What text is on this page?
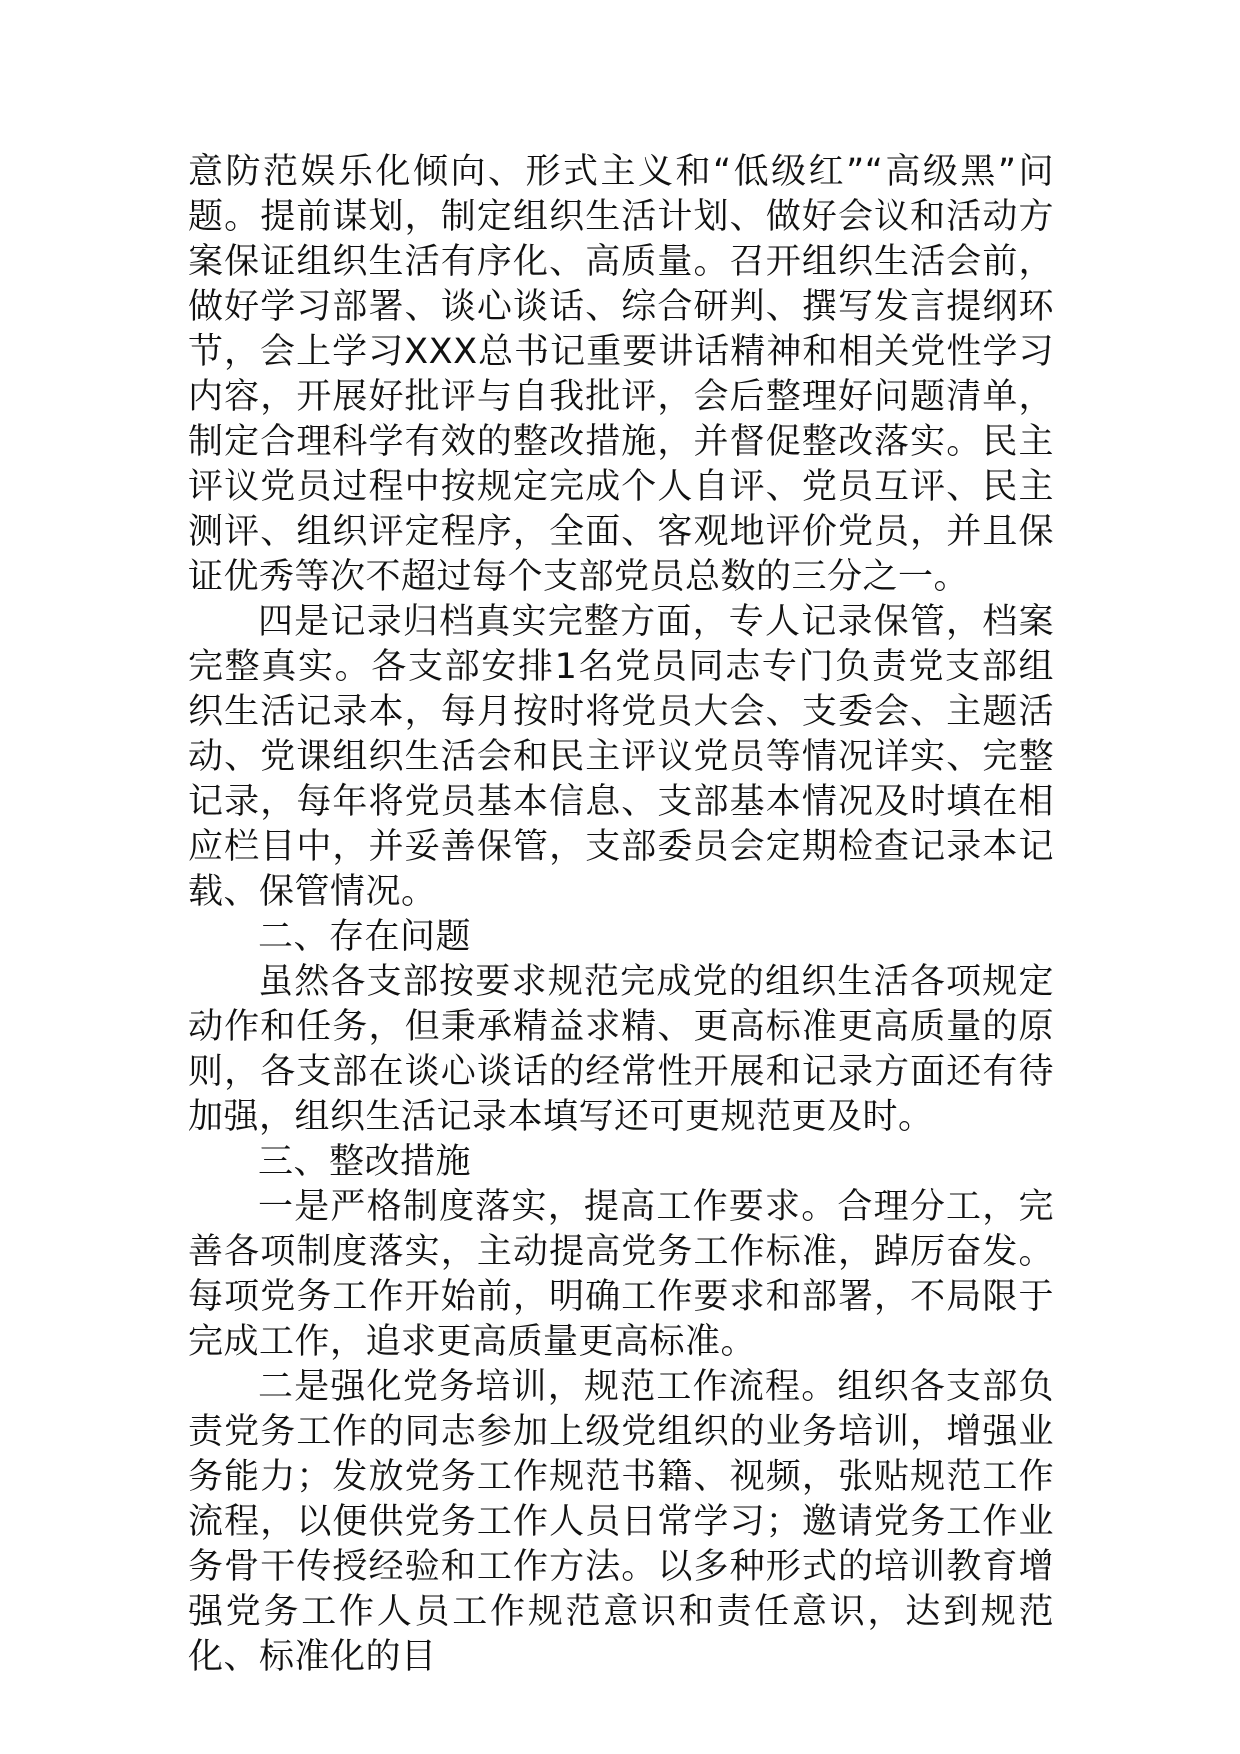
意防范娱乐化倾向、形式主义和“低级红”“高级黑”问题。提前谋划，制定组织生活计划、做好会议和活动方案保证组织生活有序化、高质量。召开组织生活会前，做好学习部署、谈心谈话、综合研判、撰写发言提纲环节，会上学习XXX总书记重要讲话精神和相关党性学习内容，开展好批评与自我批评，会后整理好问题清单，制定合理科学有效的整改措施，并督促整改落实。民主评议党员过程中按规定完成个人自评、党员互评、民主测评、组织评定程序，全面、客观地评价党员，并且保证优秀等次不超过每个支部党员总数的三分之一。

四是记录归档真实完整方面，专人记录保管，档案完整真实。各支部安排1名党员同志专门负责党支部组织生活记录本，每月按时将党员大会、支委会、主题活动、党课组织生活会和民主评议党员等情况详实、完整记录，每年将党员基本信息、支部基本情况及时填在相应栏目中，并妥善保管，支部委员会定期检查记录本记载、保管情况。

二、存在问题

虽然各支部按要求规范完成党的组织生活各项规定动作和任务，但秉承精益求精、更高标准更高质量的原则，各支部在谈心谈话的经常性开展和记录方面还有待加强，组织生活记录本填写还可更规范更及时。

三、整改措施

一是严格制度落实，提高工作要求。合理分工，完善各项制度落实，主动提高党务工作标准，踔厉奋发。每项党务工作开始前，明确工作要求和部署，不局限于完成工作，追求更高质量更高标准。

二是强化党务培训，规范工作流程。组织各支部负责党务工作的同志参加上级党组织的业务培训，增强业务能力；发放党务工作规范书籍、视频，张贴规范工作流程，以便供党务工作人员日常学习；邀请党务工作业务骨干传授经验和工作方法。以多种形式的培训教育增强党务工作人员工作规范意识和责任意识，达到规范化、标准化的目
